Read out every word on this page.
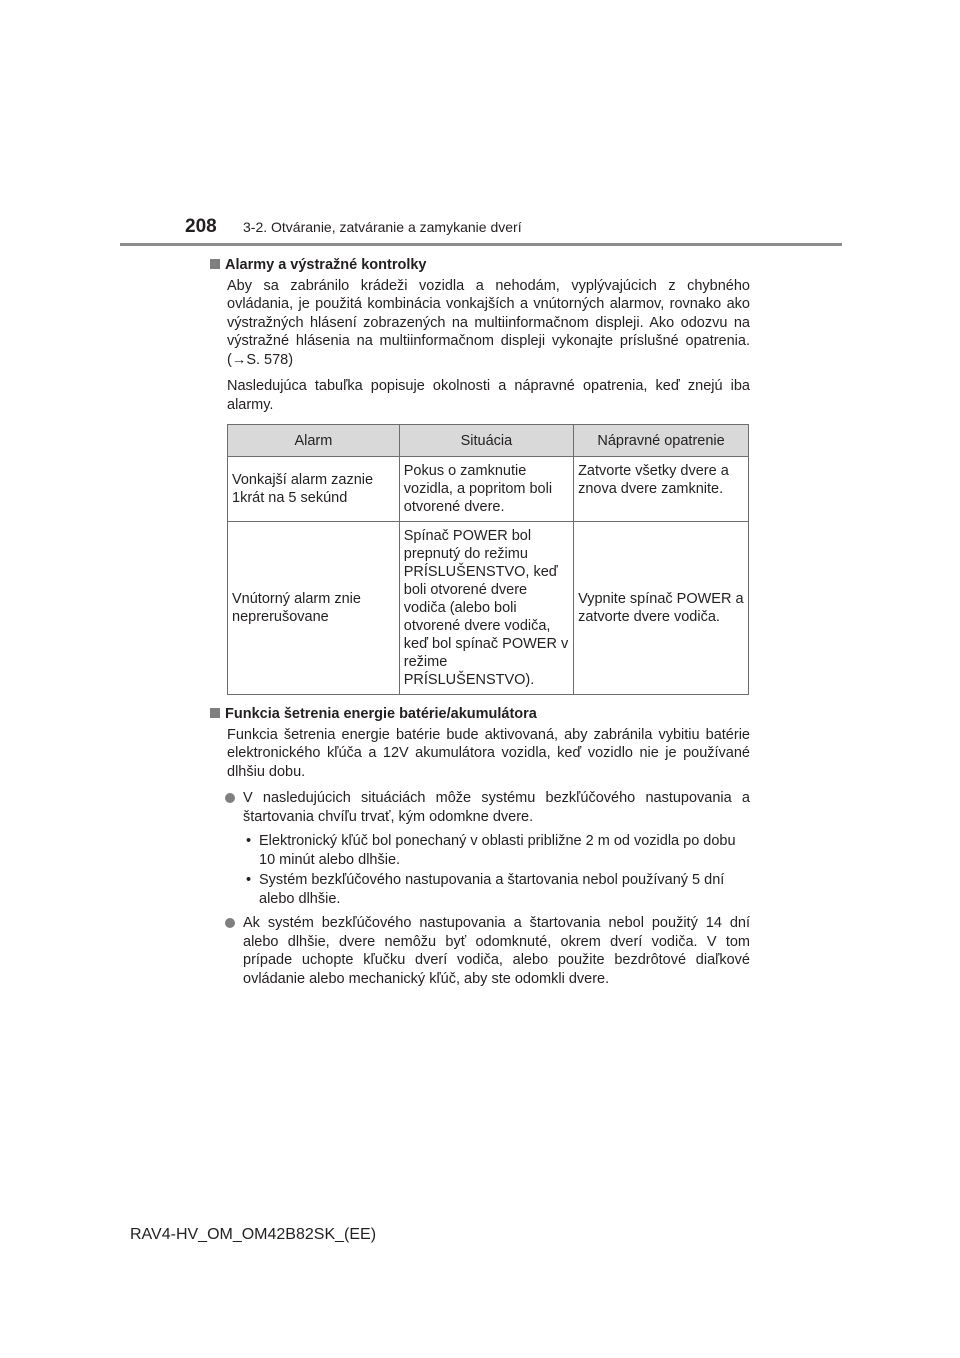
208 3-2. Otváranie, zatváranie a zamykanie dverí
Alarmy a výstražné kontrolky

Aby sa zabránilo krádeži vozidla a nehodám, vyplývajúcich z chybného ovládania, je použitá kombinácia vonkajších a vnútorných alarmov, rovnako ako výstražných hlásení zobrazených na multiinformačnom displeji. Ako odozvu na výstražné hlásenia na multiinformačnom displeji vykonajte príslušné opatrenia. (→S. 578)

Nasledujúca tabuľka popisuje okolnosti a nápravné opatrenia, keď znejú iba alarmy.

Alarm	Situácia	Nápravné opatrenie
Vonkajší alarm zaznie 1krát na 5 sekúnd	Pokus o zamknutie vozidla, a popritom boli otvorené dvere.	Zatvorte všetky dvere a znova dvere zamknite.
Vnútorný alarm znie neprerušovane	Spínač POWER bol prepnutý do režimu PRÍSLUŠENSTVO, keď boli otvorené dvere vodiča (alebo boli otvorené dvere vodiča, keď bol spínač POWER v režime PRÍSLUŠENSTVO).	Vypnite spínač POWER a zatvorte dvere vodiča.
Funkcia šetrenia energie batérie/akumulátora

Funkcia šetrenia energie batérie bude aktivovaná, aby zabránila vybitiu batérie elektronického kľúča a 12V akumulátora vozidla, keď vozidlo nie je používané dlhšiu dobu.

V nasledujúcich situáciách môže systému bezkľúčového nastupovania a štartovania chvíľu trvať, kým odomkne dvere.
• Elektronický kľúč bol ponechaný v oblasti približne 2 m od vozidla po dobu 10 minút alebo dlhšie.
• Systém bezkľúčového nastupovania a štartovania nebol používaný 5 dní alebo dlhšie.
Ak systém bezkľúčového nastupovania a štartovania nebol použitý 14 dní alebo dlhšie, dvere nemôžu byť odomknuté, okrem dverí vodiča. V tom prípade uchopte kľučku dverí vodiča, alebo použite bezdrôtové diaľkové ovládanie alebo mechanický kľúč, aby ste odomkli dvere.
RAV4-HV_OM_OM42B82SK_(EE)
